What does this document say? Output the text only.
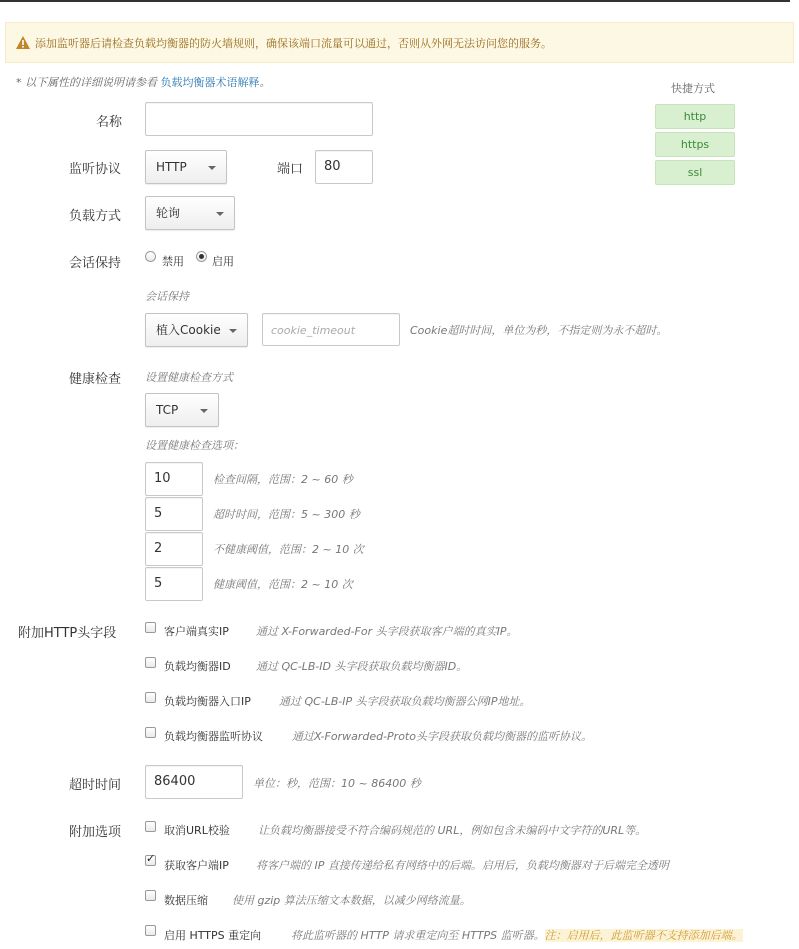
添加监听器后请检查负载均衡器的防火墙规则，确保该端口流量可以通过，否则从外网无法访问您的服务。
* 以下属性的详细说明请参看 负载均衡器术语解释。	快捷方式
http
https
ssl
名称
监听协议	HTTP	端口	80
负载方式	轮询
会话保持	禁用	启用
会话保持
植入Cookie	cookie_timeout	Cookie超时时间，单位为秒，不指定则为永不超时。
健康检查 设置健康检查方式
TCP
设置健康检查选项：
10	检查间隔，范围：2 ~ 60 秒
5	超时时间，范围：5 ~ 300 秒
2	不健康阈值，范围：2 ~ 10 次
5	健康阈值，范围：2 ~ 10 次
附加HTTP头字段	客户端真实IP 通过 X-Forwarded-For 头字段获取客户端的真实IP。
负载均衡器ID 通过 QC-LB-ID 头字段获取负载均衡器ID。
负载均衡器入口IP	通过 QC-LB-IP 头字段获取负载均衡器公网IP地址。
负载均衡器监听协议	通过X-Forwarded-Proto头字段获取负载均衡器的监听协议。
超时时间	86400	单位：秒，范围：10 ~ 86400 秒
附加选项	取消URL校验	让负载均衡器接受不符合编码规范的 URL，例如包含未编码中文字符的URL等。
✓
获取客户端IP 将客户端的 IP 直接传递给私有网络中的后端。启用后，负载均衡器对于后端完全透明
数据压缩 使用 gzip 算法压缩文本数据，以减少网络流量。
启用 HTTPS 重定向	将此监听器的 HTTP 请求重定向至 HTTPS 监听器。注：启用后，此监听器不支持添加后端。
